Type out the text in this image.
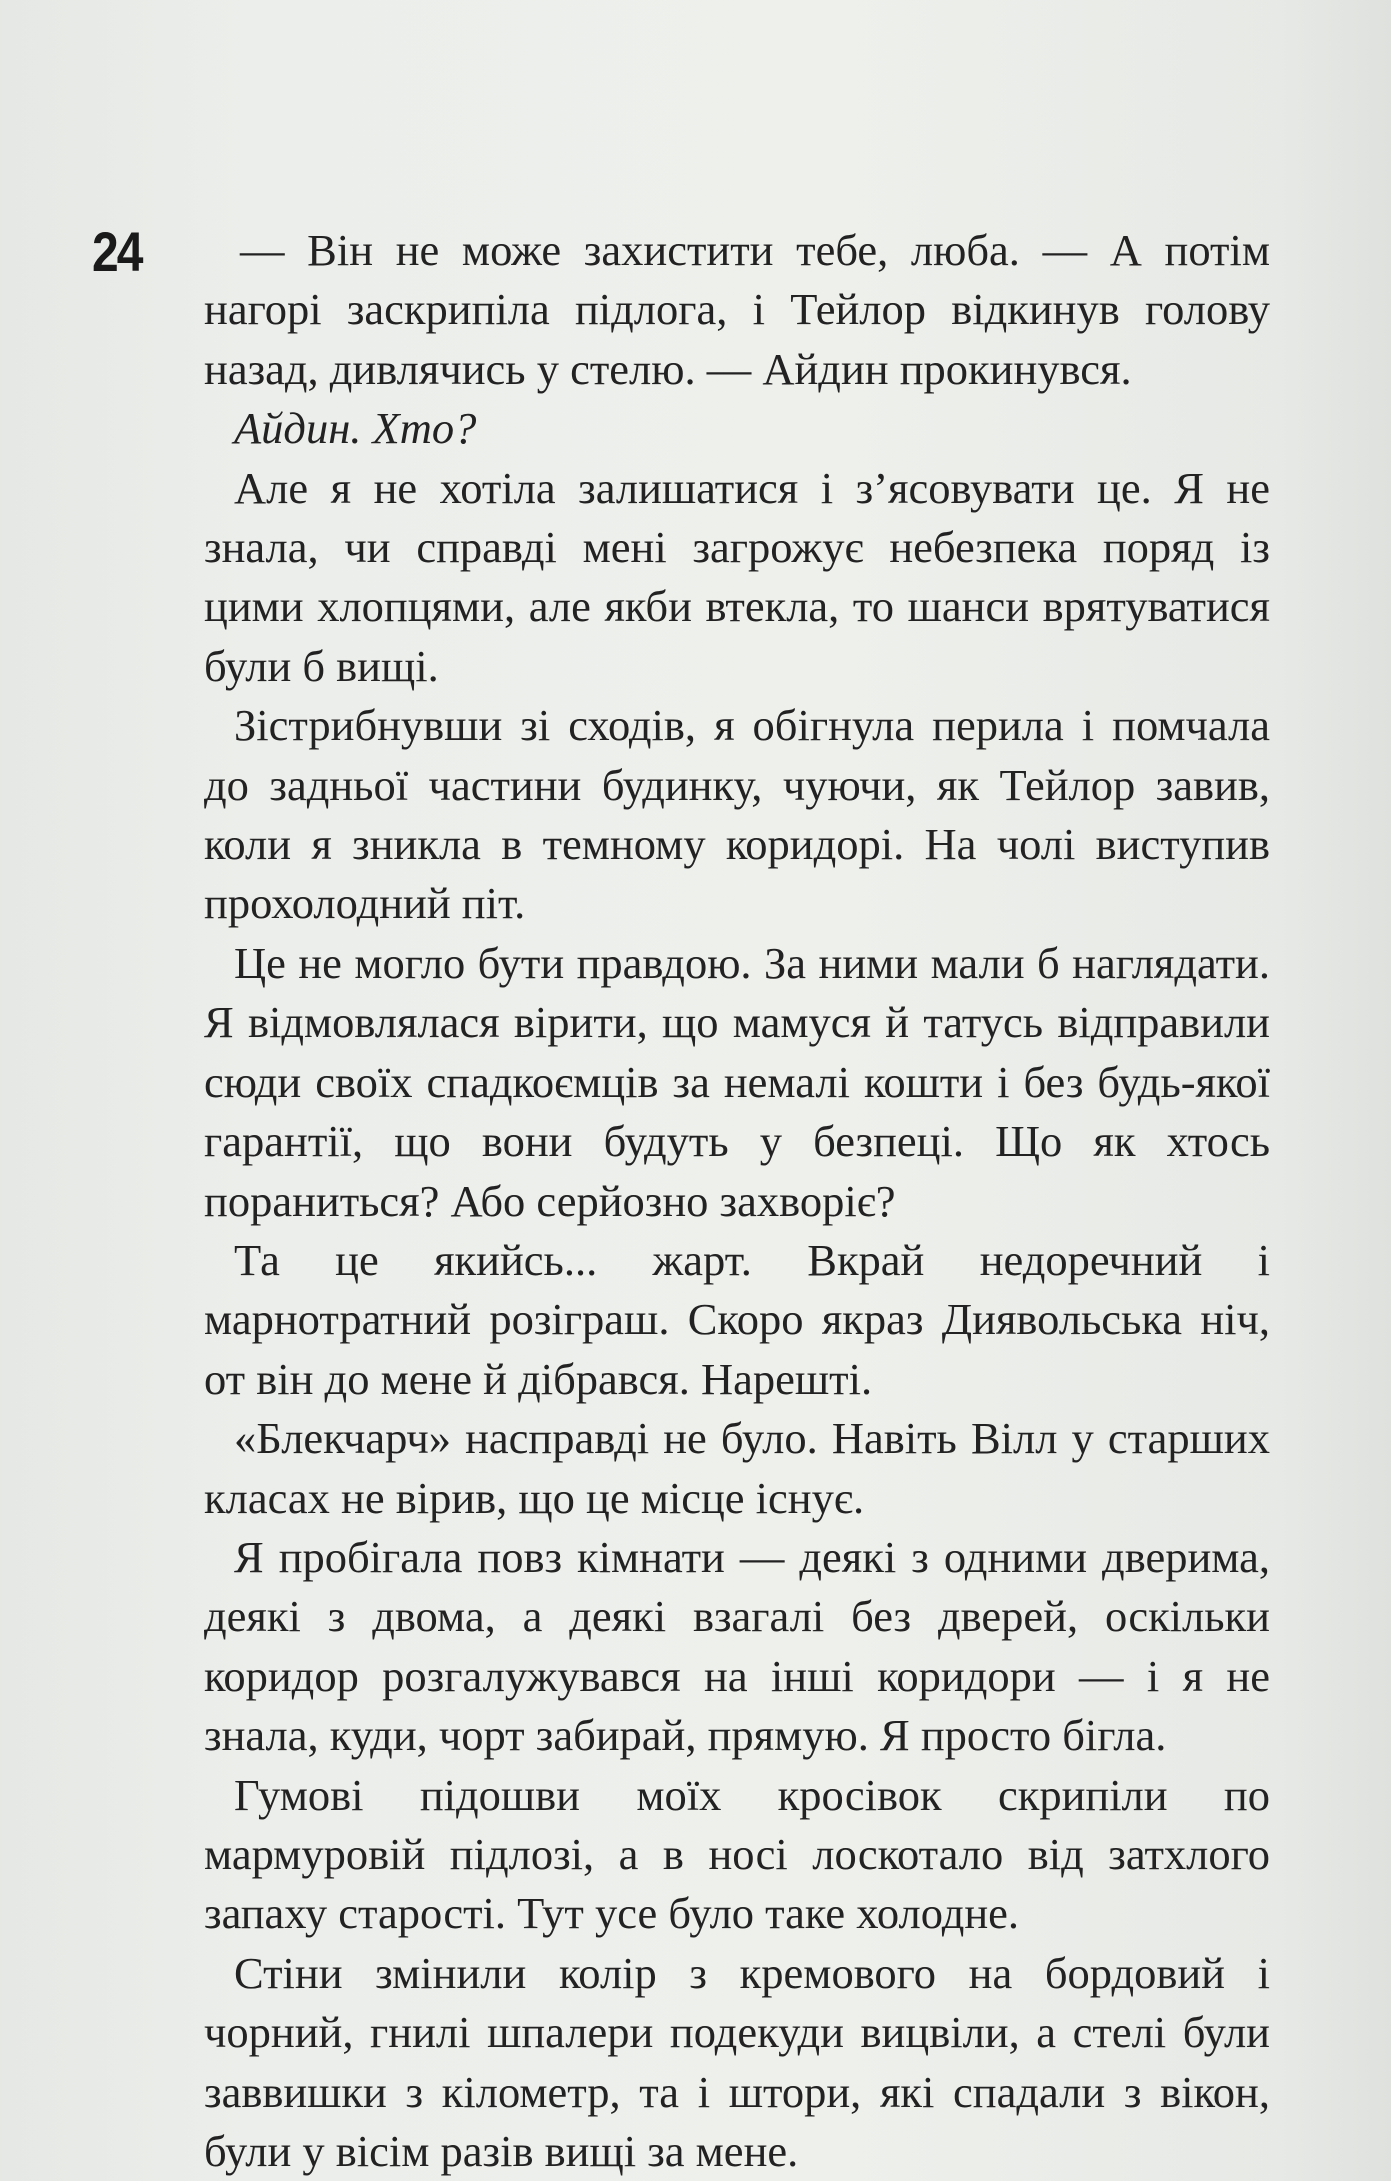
24	— Він не може захистити тебе, люба. — А потім нагорі заскрипіла підлога, і Тейлор відкинув голову назад, дивлячись у стелю. — Айдин прокинувся.

Айдин. Хто?

Але я не хотіла залишатися і з’ясовувати це. Я не знала, чи справді мені загрожує небезпека поряд із цими хлопцями, але якби втекла, то шанси врятуватися були б вищі.

Зістрибнувши зі сходів, я обігнула перила і помчала до задньої частини будинку, чуючи, як Тейлор завив, коли я зникла в темному коридорі. На чолі виступив прохолодний піт.

Це не могло бути правдою. За ними мали б наглядати. Я відмовлялася вірити, що мамуся й татусь відправили сюди своїх спадкоємців за немалі кошти і без будь-якої гарантії, що вони будуть у безпеці. Що як хтось пораниться? Або серйозно захворіє?

Та це якийсь... жарт. Вкрай недоречний і марнотратний розіграш. Скоро якраз Диявольська ніч, от він до мене й дібрався. Нарешті.

«Блекчарч» насправді не було. Навіть Вілл у старших класах не вірив, що це місце існує.

Я пробігала повз кімнати — деякі з одними дверима, деякі з двома, а деякі взагалі без дверей, оскільки коридор розгалужувався на інші коридори — і я не знала, куди, чорт забирай, прямую. Я просто бігла.

Гумові підошви моїх кросівок скрипіли по мармуровій підлозі, а в носі лоскотало від затхлого запаху старості. Тут усе було таке холодне.

Стіни змінили колір з кремового на бордовий і чорний, гнилі шпалери подекуди вицвіли, а стелі були заввишки з кілометр, та і штори, які спадали з вікон, були у вісім разів вищі за мене.
